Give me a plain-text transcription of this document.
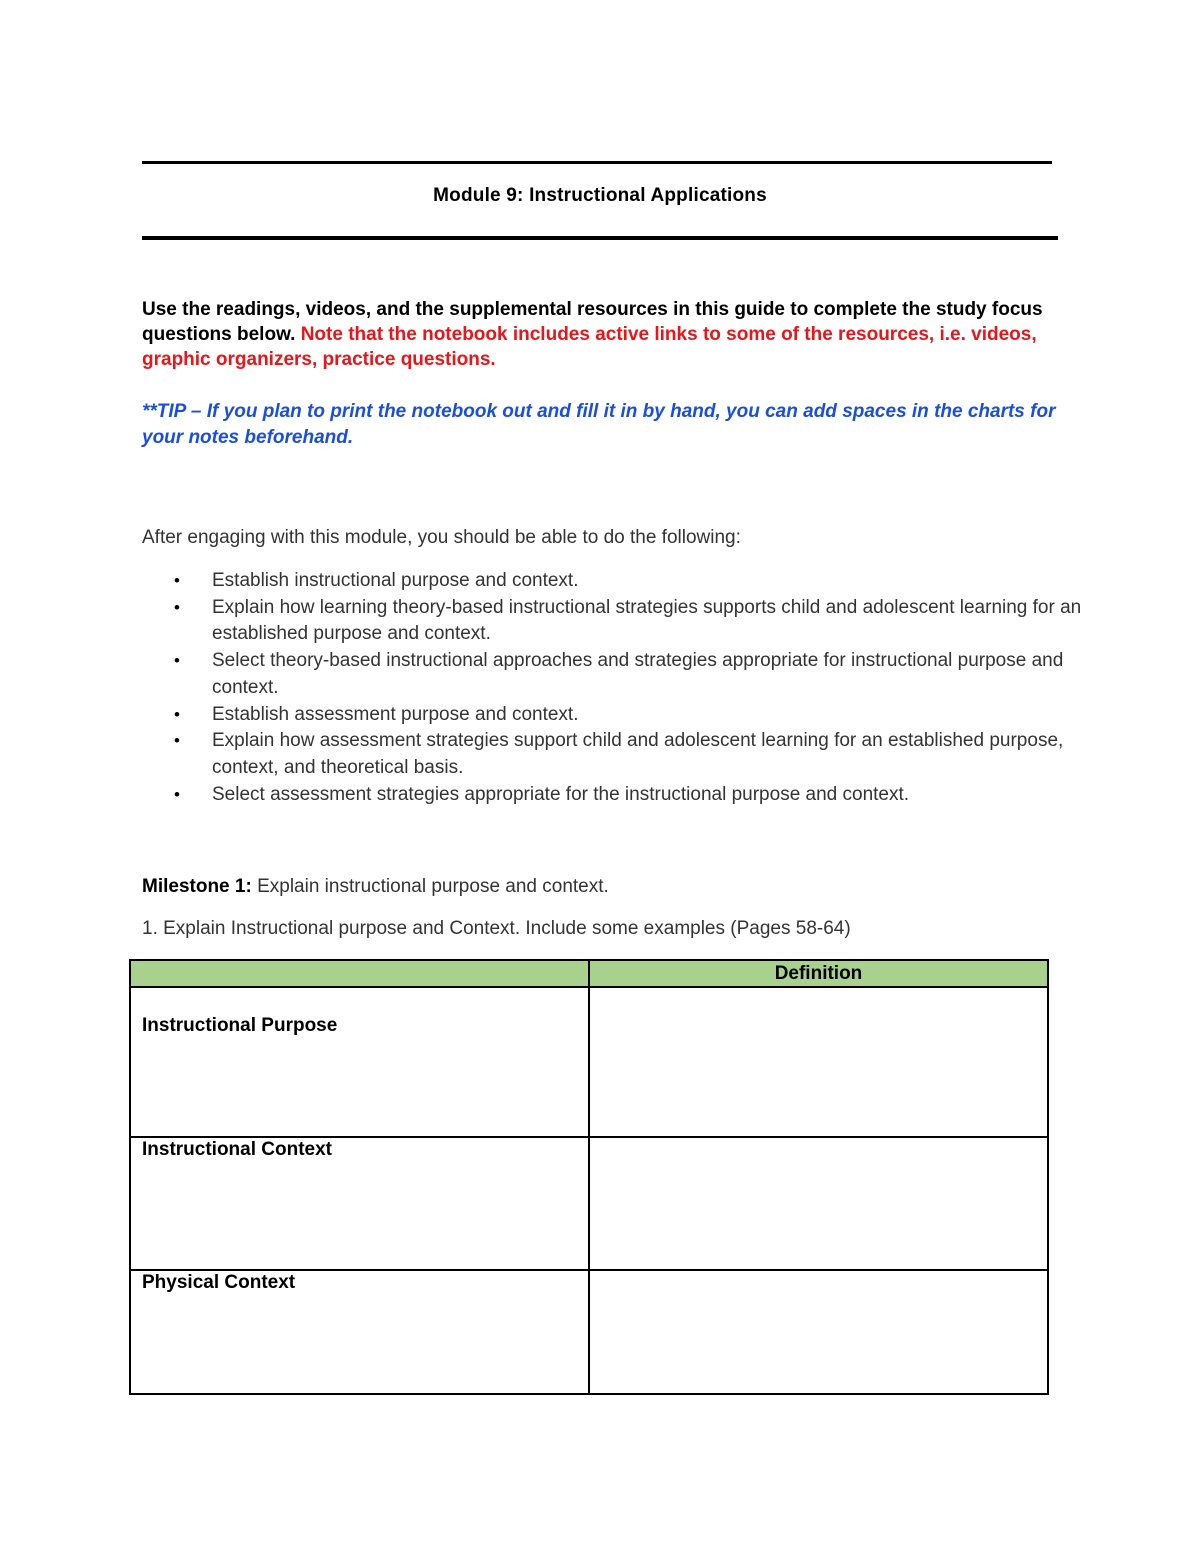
Module 9: Instructional Applications
Use the readings, videos, and the supplemental resources in this guide to complete the study focus questions below. Note that the notebook includes active links to some of the resources, i.e. videos, graphic organizers, practice questions.
**TIP – If you plan to print the notebook out and fill it in by hand, you can add spaces in the charts for your notes beforehand.
After engaging with this module, you should be able to do the following:
• Establish instructional purpose and context.
• Explain how learning theory-based instructional strategies supports child and adolescent learning for an established purpose and context.
• Select theory-based instructional approaches and strategies appropriate for instructional purpose and context.
• Establish assessment purpose and context.
• Explain how assessment strategies support child and adolescent learning for an established purpose, context, and theoretical basis.
• Select assessment strategies appropriate for the instructional purpose and context.
Milestone 1: Explain instructional purpose and context.
1. Explain Instructional purpose and Context. Include some examples (Pages 58-64)
	Definition

Instructional Purpose	

Instructional Context	

Physical Context	
